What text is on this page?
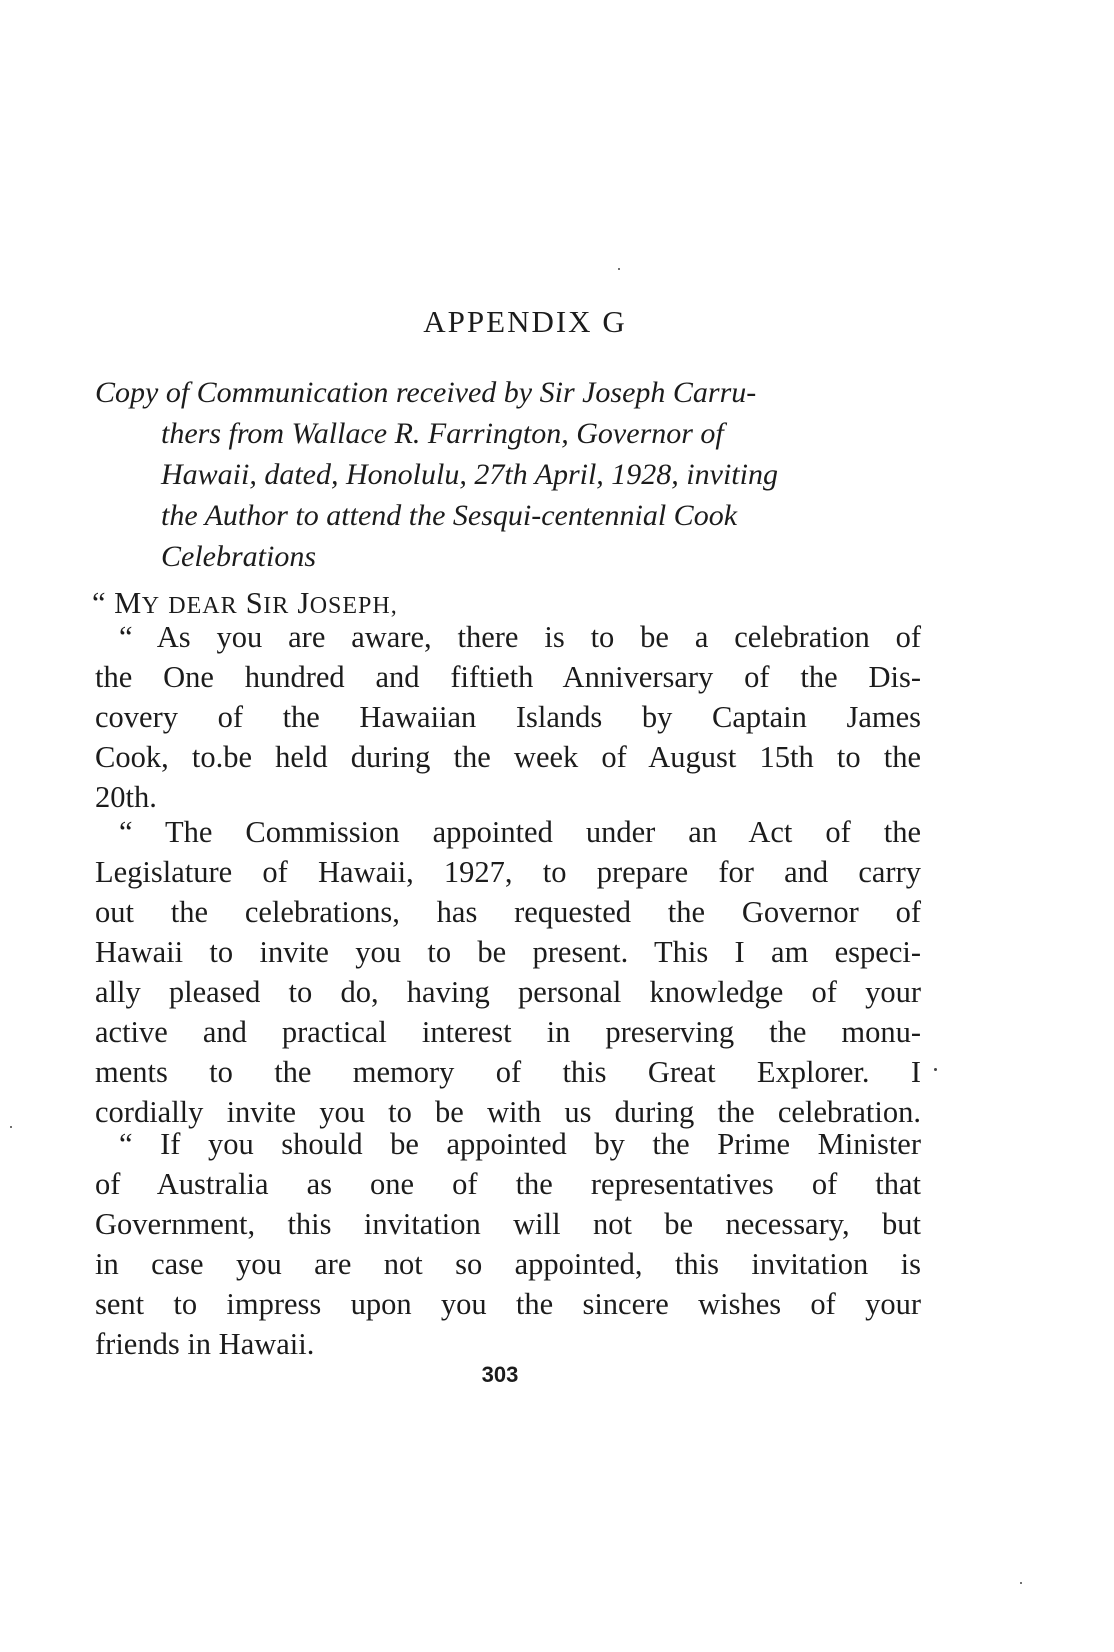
APPENDIX G
Copy of Communication received by Sir Joseph Carru-
thers from Wallace R. Farrington, Governor of
Hawaii, dated, Honolulu, 27th April, 1928, inviting
the Author to attend the Sesqui-centennial Cook
Celebrations
“ MY DEAR SIR JOSEPH,
“ As you are aware, there is to be a celebration of
the One hundred and fiftieth Anniversary of the Dis-
covery of the Hawaiian Islands by Captain James
Cook, to.be held during the week of August 15th to the
20th.
“ The Commission appointed under an Act of the
Legislature of Hawaii, 1927, to prepare for and carry
out the celebrations, has requested the Governor of
Hawaii to invite you to be present. This I am especi-
ally pleased to do, having personal knowledge of your
active and practical interest in preserving the monu-
ments to the memory of this Great Explorer. I
cordially invite you to be with us during the celebration.
“ If you should be appointed by the Prime Minister
of Australia as one of the representatives of that
Government, this invitation will not be necessary, but
in case you are not so appointed, this invitation is
sent to impress upon you the sincere wishes of your
friends in Hawaii.
303
